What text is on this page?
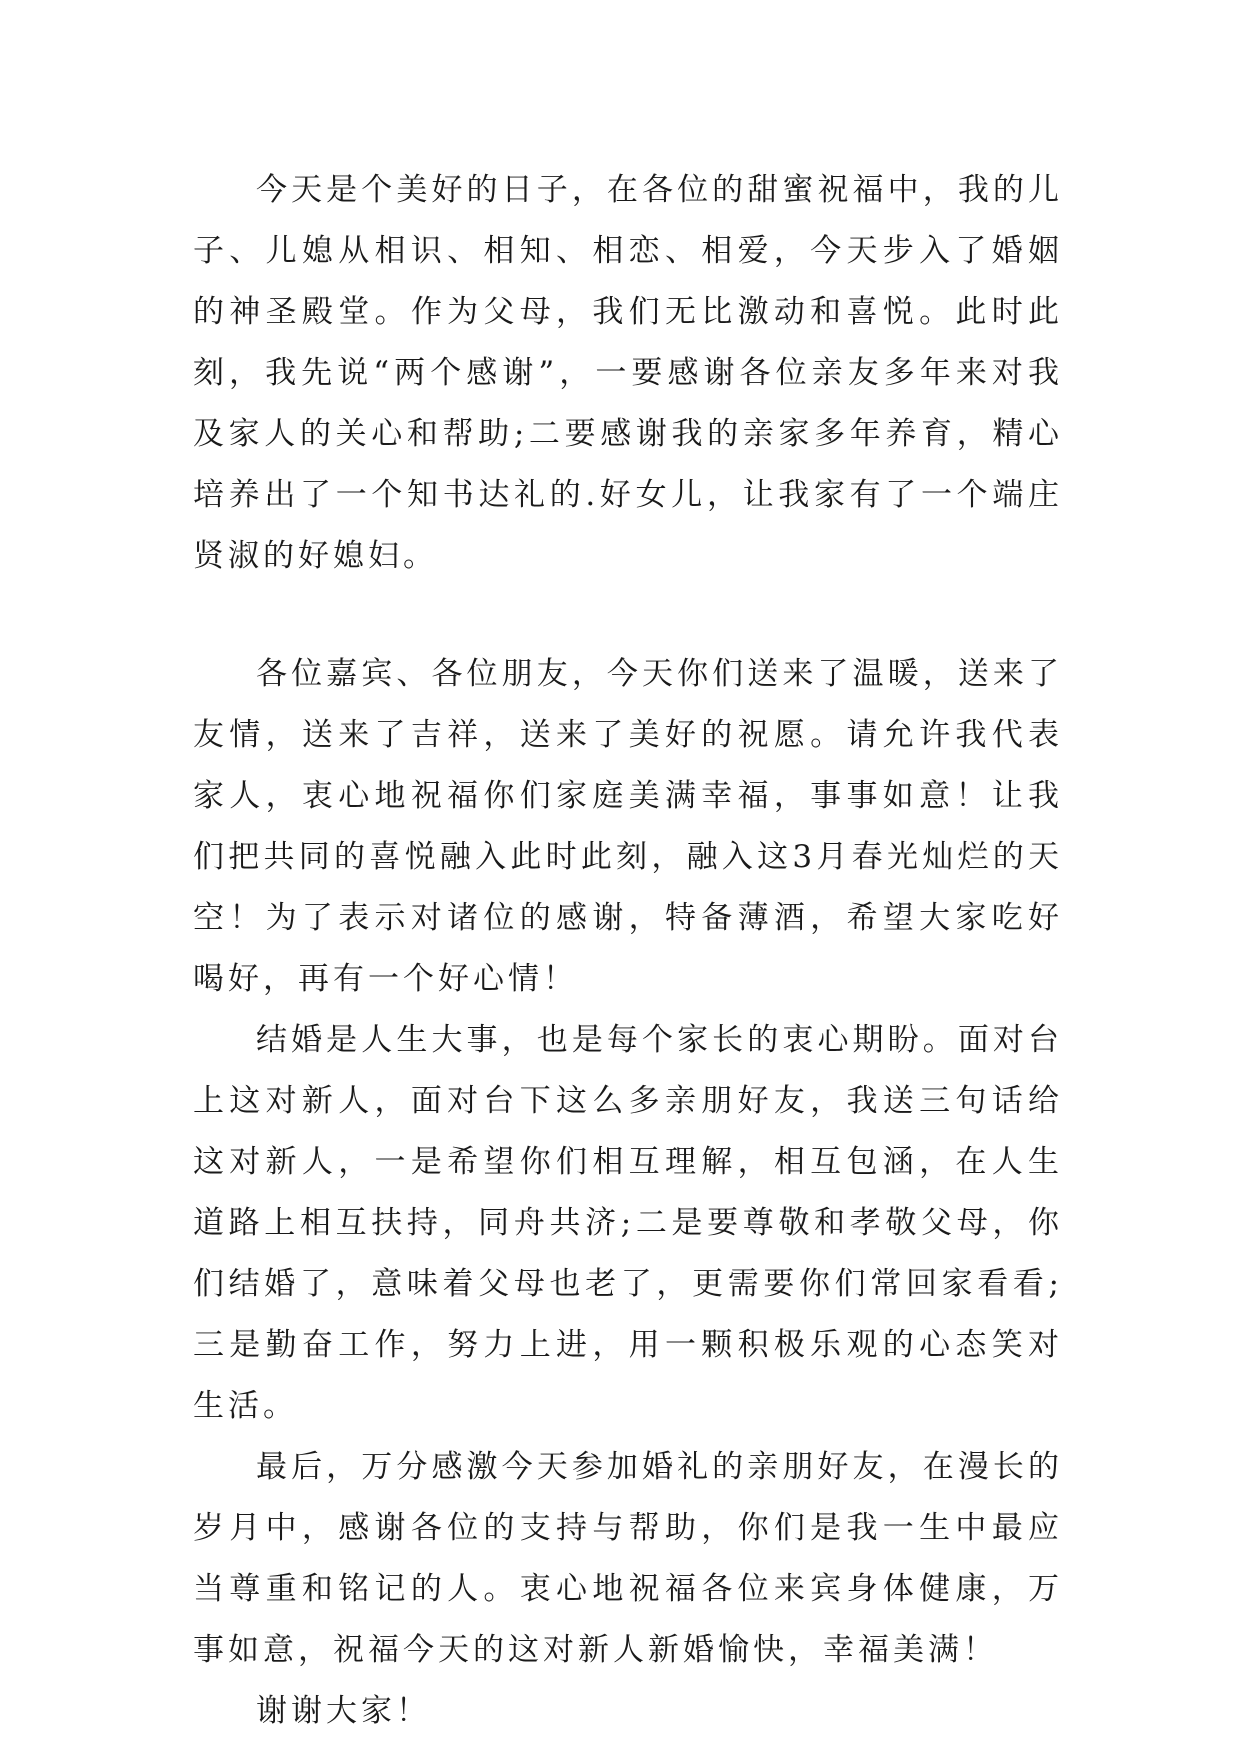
今天是个美好的日子，在各位的甜蜜祝福中，我的儿子、儿媳从相识、相知、相恋、相爱，今天步入了婚姻的神圣殿堂。作为父母，我们无比激动和喜悦。此时此刻，我先说“两个感谢”，一要感谢各位亲友多年来对我及家人的关心和帮助;二要感谢我的亲家多年养育，精心培养出了一个知书达礼的.好女儿，让我家有了一个端庄贤淑的好媳妇。

各位嘉宾、各位朋友，今天你们送来了温暖，送来了友情，送来了吉祥，送来了美好的祝愿。请允许我代表家人，衷心地祝福你们家庭美满幸福，事事如意！让我们把共同的喜悦融入此时此刻，融入这3月春光灿烂的天空！为了表示对诸位的感谢，特备薄酒，希望大家吃好喝好，再有一个好心情！

结婚是人生大事，也是每个家长的衷心期盼。面对台上这对新人，面对台下这么多亲朋好友，我送三句话给这对新人，一是希望你们相互理解，相互包涵，在人生道路上相互扶持，同舟共济;二是要尊敬和孝敬父母，你们结婚了，意味着父母也老了，更需要你们常回家看看;三是勤奋工作，努力上进，用一颗积极乐观的心态笑对生活。

最后，万分感激今天参加婚礼的亲朋好友，在漫长的岁月中，感谢各位的支持与帮助，你们是我一生中最应当尊重和铭记的人。衷心地祝福各位来宾身体健康，万事如意，祝福今天的这对新人新婚愉快，幸福美满！

谢谢大家！
